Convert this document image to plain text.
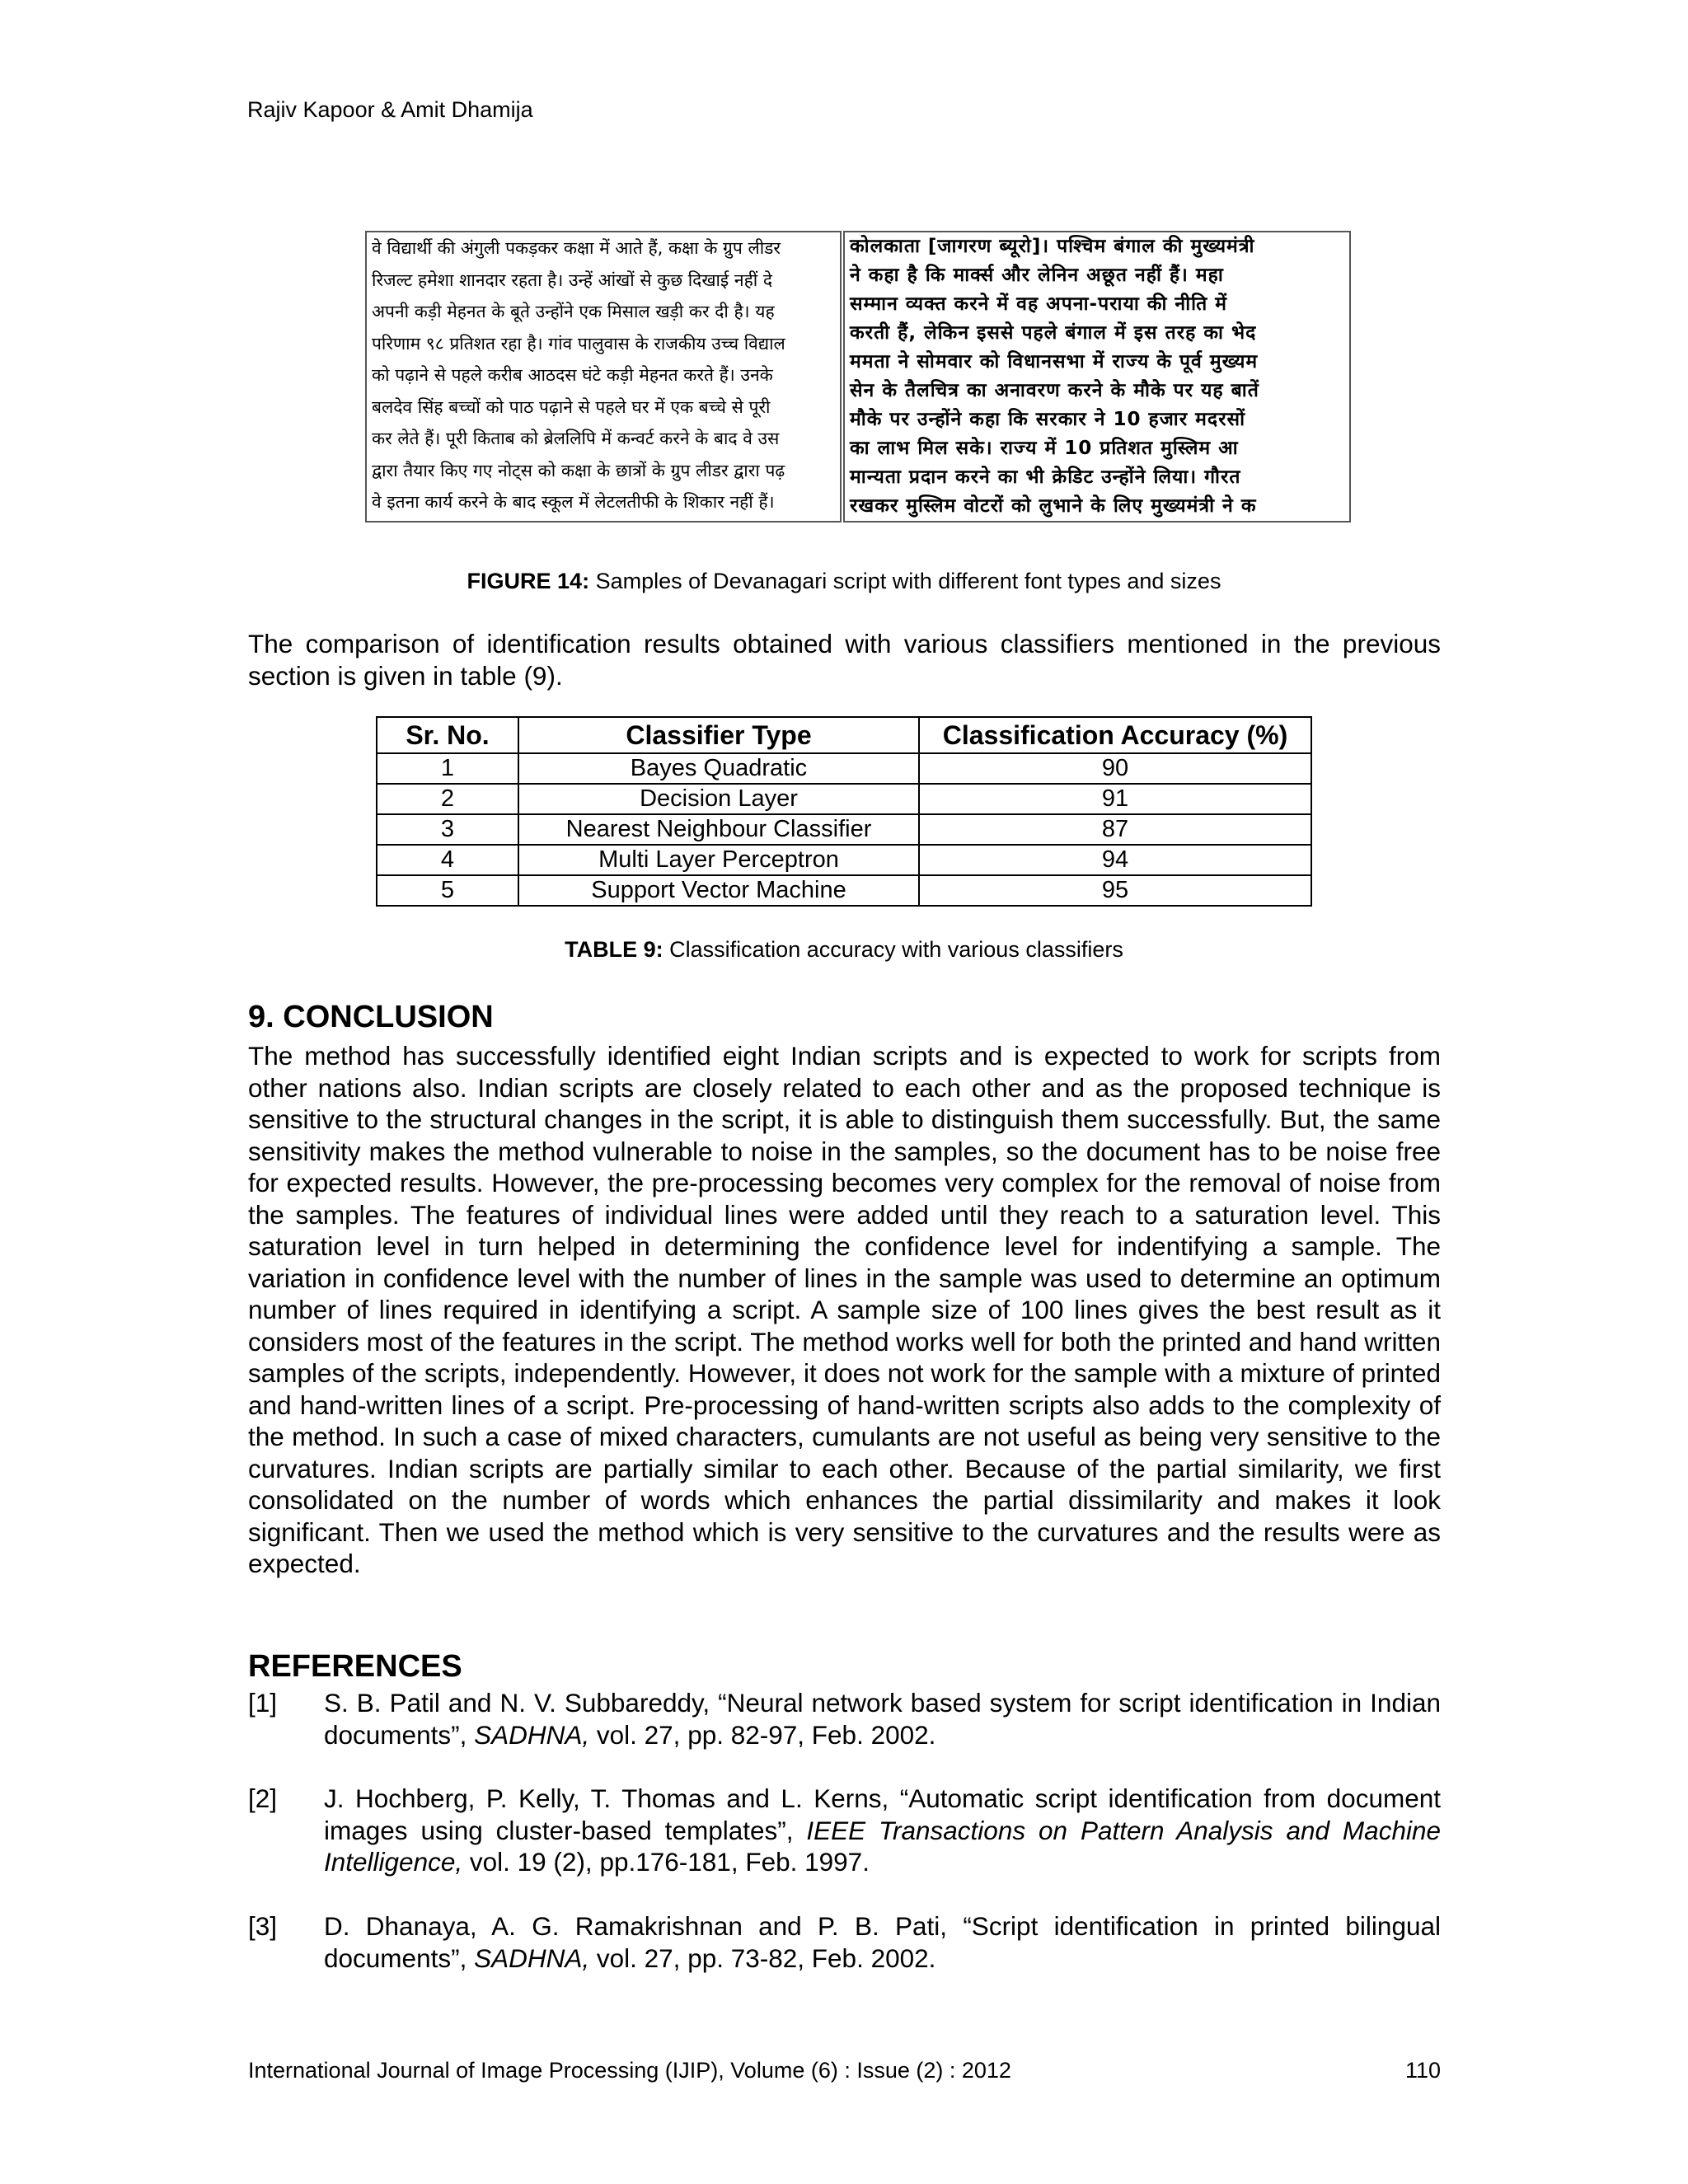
Rajiv Kapoor & Amit Dhamija
वे विद्यार्थी की अंगुली पकड़कर कक्षा में आते हैं, कक्षा के ग्रुप लीडर
रिजल्ट हमेशा शानदार रहता है। उन्हें आंखों से कुछ दिखाई नहीं दे
अपनी कड़ी मेहनत के बूते उन्होंने एक मिसाल खड़ी कर दी है। यह
परिणाम ९८ प्रतिशत रहा है। गांव पालुवास के राजकीय उच्च विद्याल
को पढ़ाने से पहले करीब आठदस घंटे कड़ी मेहनत करते हैं। उनके
बलदेव सिंह बच्चों को पाठ पढ़ाने से पहले घर में एक बच्चे से पूरी
कर लेते हैं। पूरी किताब को ब्रेललिपि में कन्वर्ट करने के बाद वे उस
द्वारा तैयार किए गए नोट्स को कक्षा के छात्रों के ग्रुप लीडर द्वारा पढ़
वे इतना कार्य करने के बाद स्कूल में लेटलतीफी के शिकार नहीं हैं।
कोलकाता [जागरण ब्यूरो]। पश्चिम बंगाल की मुख्यमंत्री
ने कहा है कि मार्क्स और लेनिन अछूत नहीं हैं। महा
सम्मान व्यक्त करने में वह अपना-पराया की नीति में
करती हैं, लेकिन इससे पहले बंगाल में इस तरह का भेद
ममता ने सोमवार को विधानसभा में राज्य के पूर्व मुख्यम
सेन के तैलचित्र का अनावरण करने के मौके पर यह बातें
मौके पर उन्होंने कहा कि सरकार ने 10 हजार मदरसों
का लाभ मिल सके। राज्य में 10 प्रतिशत मुस्लिम आ
मान्यता प्रदान करने का भी क्रेडिट उन्होंने लिया। गौरत
रखकर मुस्लिम वोटरों को लुभाने के लिए मुख्यमंत्री ने क
FIGURE 14: Samples of Devanagari script with different font types and sizes
The comparison of identification results obtained with various classifiers mentioned in the previous section is given in table (9).
Sr. No.	Classifier Type	Classification Accuracy (%)
1	Bayes Quadratic	90
2	Decision Layer	91
3	Nearest Neighbour Classifier	87
4	Multi Layer Perceptron	94
5	Support Vector Machine	95
TABLE 9: Classification accuracy with various classifiers
9. CONCLUSION
The method has successfully identified eight Indian scripts and is expected to work for scripts from other nations also. Indian scripts are closely related to each other and as the proposed technique is sensitive to the structural changes in the script, it is able to distinguish them successfully. But, the same sensitivity makes the method vulnerable to noise in the samples, so the document has to be noise free for expected results. However, the pre-processing becomes very complex for the removal of noise from the samples. The features of individual lines were added until they reach to a saturation level. This saturation level in turn helped in determining the confidence level for indentifying a sample. The variation in confidence level with the number of lines in the sample was used to determine an optimum number of lines required in identifying a script. A sample size of 100 lines gives the best result as it considers most of the features in the script. The method works well for both the printed and hand written samples of the scripts, independently. However, it does not work for the sample with a mixture of printed and hand-written lines of a script. Pre-processing of hand-written scripts also adds to the complexity of the method. In such a case of mixed characters, cumulants are not useful as being very sensitive to the curvatures. Indian scripts are partially similar to each other. Because of the partial similarity, we first consolidated on the number of words which enhances the partial dissimilarity and makes it look significant. Then we used the method which is very sensitive to the curvatures and the results were as expected.
REFERENCES
[1] S. B. Patil and N. V. Subbareddy, “Neural network based system for script identification in Indian documents”, SADHNA, vol. 27, pp. 82-97, Feb. 2002.
[2] J. Hochberg, P. Kelly, T. Thomas and L. Kerns, “Automatic script identification from document images using cluster-based templates”, IEEE Transactions on Pattern Analysis and Machine Intelligence, vol. 19 (2), pp.176-181, Feb. 1997.
[3] D. Dhanaya, A. G. Ramakrishnan and P. B. Pati, “Script identification in printed bilingual documents”, SADHNA, vol. 27, pp. 73-82, Feb. 2002.
International Journal of Image Processing (IJIP), Volume (6) : Issue (2) : 2012	110
